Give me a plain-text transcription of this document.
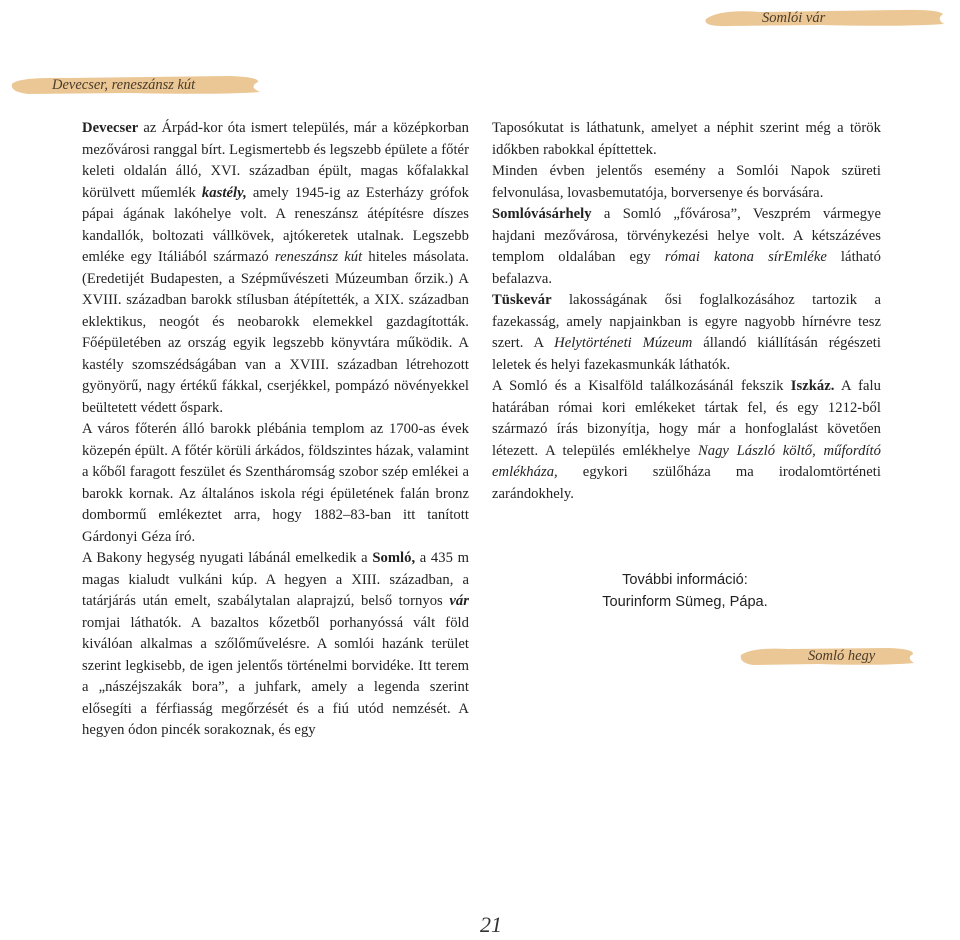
Somlói vár
Devecser, reneszánsz kút
Somló hegy

Devecser az Árpád-kor óta ismert település, már a középkorban mezővárosi ranggal bírt. Legismertebb és legszebb épülete a főtér keleti oldalán álló, XVI. században épült, magas kőfalakkal körülvett műemlék kastély, amely 1945-ig az Esterházy grófok pápai ágának lakóhelye volt. A reneszánsz átépítésre díszes kandallók, boltozati vállkövek, ajtókeretek utalnak. Legszebb emléke egy Itáliából származó reneszánsz kút hiteles másolata. (Eredetijét Budapesten, a Szépművészeti Múzeumban őrzik.) A XVIII. században barokk stílusban átépítették, a XIX. században eklektikus, neogót és neobarokk elemekkel gazdagították. Főépületében az ország egyik legszebb könyvtára működik. A kastély szomszédságában van a XVIII. században létrehozott gyönyörű, nagy értékű fákkal, cserjékkel, pompázó növényekkel beültetett védett őspark.

A város főterén álló barokk plébánia templom az 1700-as évek közepén épült. A főtér körüli árkádos, földszintes házak, valamint a kőből faragott feszület és Szentháromság szobor szép emlékei a barokk kornak. Az általános iskola régi épületének falán bronz dombormű emlékeztet arra, hogy 1882–83-ban itt tanított Gárdonyi Géza író.

A Bakony hegység nyugati lábánál emelkedik a Somló, a 435 m magas kialudt vulkáni kúp. A hegyen a XIII. században, a tatárjárás után emelt, szabálytalan alaprajzú, belső tornyos vár romjai láthatók. A bazaltos kőzetből porhanyóssá vált föld kiválóan alkalmas a szőlőművelésre. A somlói hazánk terület szerint legkisebb, de igen jelentős történelmi borvidéke. Itt terem a „nászéjszakák bora”, a juhfark, amely a legenda szerint elősegíti a férfiasság megőrzését és a fiú utód nemzését. A hegyen ódon pincék sorakoznak, és egy

Taposókutat is láthatunk, amelyet a néphit szerint még a török időkben rabokkal építtettek.

Minden évben jelentős esemény a Somlói Napok szüreti felvonulása, lovasbemutatója, borversenye és borvására.

Somlóvásárhely a Somló „fővárosa”, Veszprém vármegye hajdani mezővárosa, törvénykezési helye volt. A kétszázéves templom oldalában egy római katona sírEmléke látható befalazva.

Tüskevár lakosságának ősi foglalkozásához tartozik a fazekasság, amely napjainkban is egyre nagyobb hírnévre tesz szert. A Helytörténeti Múzeum állandó kiállításán régészeti leletek és helyi fazekasmunkák láthatók.

A Somló és a Kisalföld találkozásánál fekszik Iszkáz. A falu határában római kori emlékeket tártak fel, és egy 1212-ből származó írás bizonyítja, hogy már a honfoglalást követően létezett. A település emlékhelye Nagy László költő, műfordító emlékháza, egykori szülőháza ma irodalomtörténeti zarándokhely.

További információ:
Tourinform Sümeg, Pápa.
21
